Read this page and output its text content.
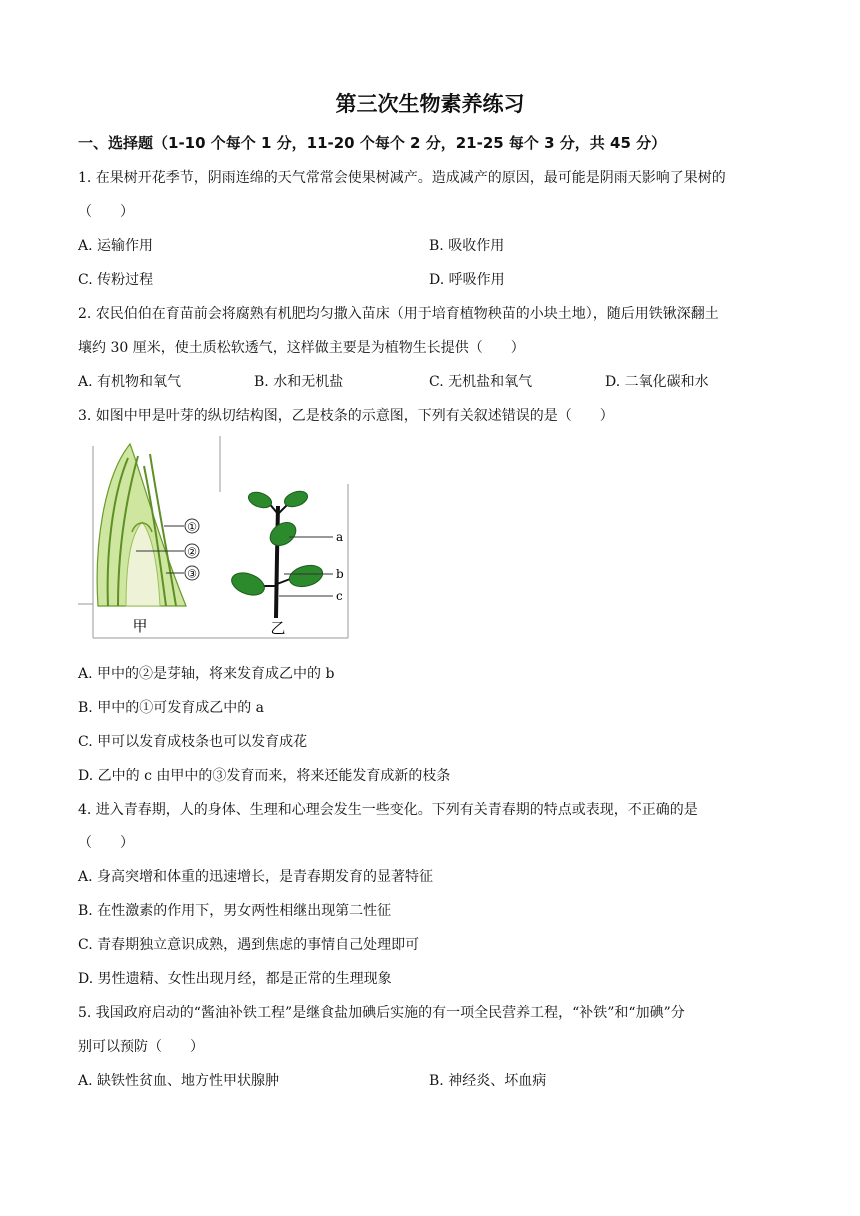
第三次生物素养练习
一、选择题（1-10 个每个 1 分，11-20 个每个 2 分，21-25 每个 3 分，共 45 分）
1. 在果树开花季节，阴雨连绵的天气常常会使果树减产。造成减产的原因，最可能是阴雨天影响了果树的
（　　）
A. 运输作用	B. 吸收作用
C. 传粉过程	D. 呼吸作用
2. 农民伯伯在育苗前会将腐熟有机肥均匀撒入苗床（用于培育植物秧苗的小块土地），随后用铁锹深翻土
壤约 30 厘米，使土质松软透气，这样做主要是为植物生长提供（　　）
A. 有机物和氧气	B. 水和无机盐	C. 无机盐和氧气	D. 二氧化碳和水
3. 如图中甲是叶芽的纵切结构图，乙是枝条的示意图，下列有关叙述错误的是（　　）
①
②
③
甲
a
b
c
乙
A. 甲中的②是芽轴，将来发育成乙中的 b
B. 甲中的①可发育成乙中的 a
C. 甲可以发育成枝条也可以发育成花
D. 乙中的 c 由甲中的③发育而来，将来还能发育成新的枝条
4. 进入青春期，人的身体、生理和心理会发生一些变化。下列有关青春期的特点或表现，不正确的是
（　　）
A. 身高突增和体重的迅速增长，是青春期发育的显著特征
B. 在性激素的作用下，男女两性相继出现第二性征
C. 青春期独立意识成熟，遇到焦虑的事情自己处理即可
D. 男性遗精、女性出现月经，都是正常的生理现象
5. 我国政府启动的“酱油补铁工程”是继食盐加碘后实施的有一项全民营养工程，“补铁”和“加碘”分
别可以预防（　　）
A. 缺铁性贫血、地方性甲状腺肿	B. 神经炎、坏血病
